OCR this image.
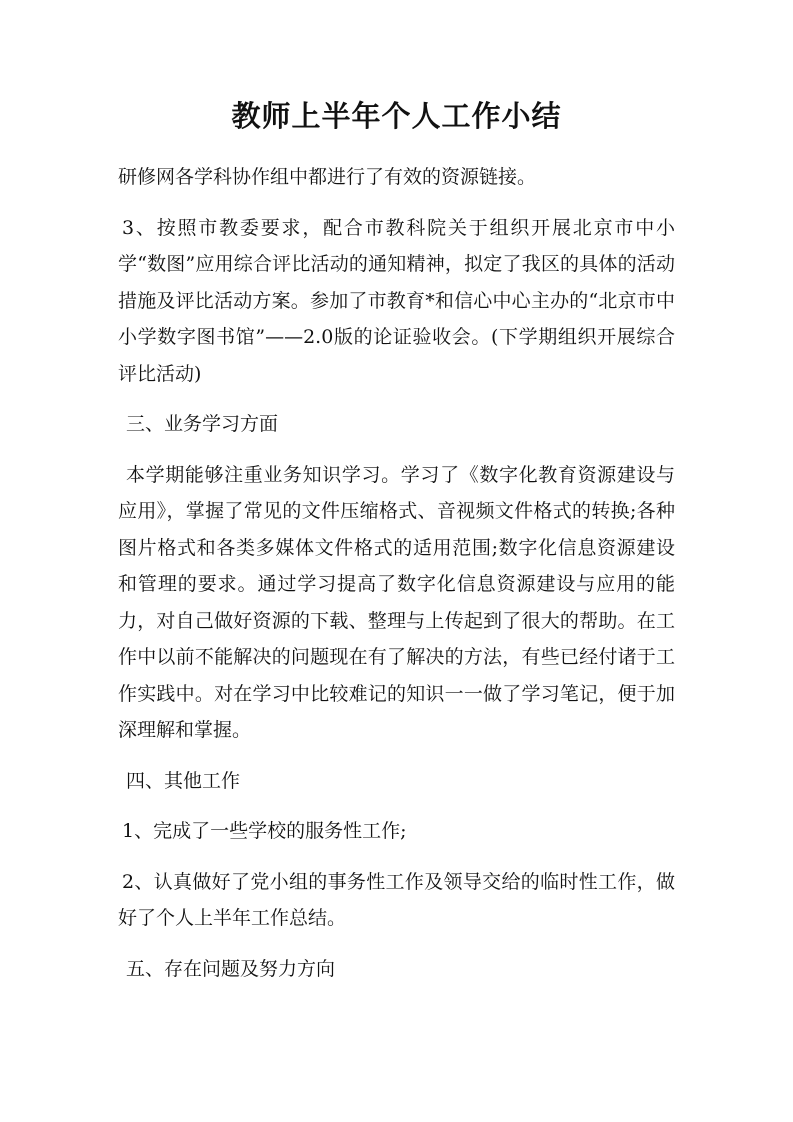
教师上半年个人工作小结

研修网各学科协作组中都进行了有效的资源链接。

3、按照市教委要求，配合市教科院关于组织开展北京市中小学“数图”应用综合评比活动的通知精神，拟定了我区的具体的活动措施及评比活动方案。参加了市教育*和信心中心主办的“北京市中小学数字图书馆”——2.0版的论证验收会。(下学期组织开展综合评比活动)

三、业务学习方面

本学期能够注重业务知识学习。学习了《数字化教育资源建设与应用》，掌握了常见的文件压缩格式、音视频文件格式的转换;各种图片格式和各类多媒体文件格式的适用范围;数字化信息资源建设和管理的要求。通过学习提高了数字化信息资源建设与应用的能力，对自己做好资源的下载、整理与上传起到了很大的帮助。在工作中以前不能解决的问题现在有了解决的方法，有些已经付诸于工作实践中。对在学习中比较难记的知识一一做了学习笔记，便于加深理解和掌握。

四、其他工作

1、完成了一些学校的服务性工作;

2、认真做好了党小组的事务性工作及领导交给的临时性工作，做好了个人上半年工作总结。

五、存在问题及努力方向
